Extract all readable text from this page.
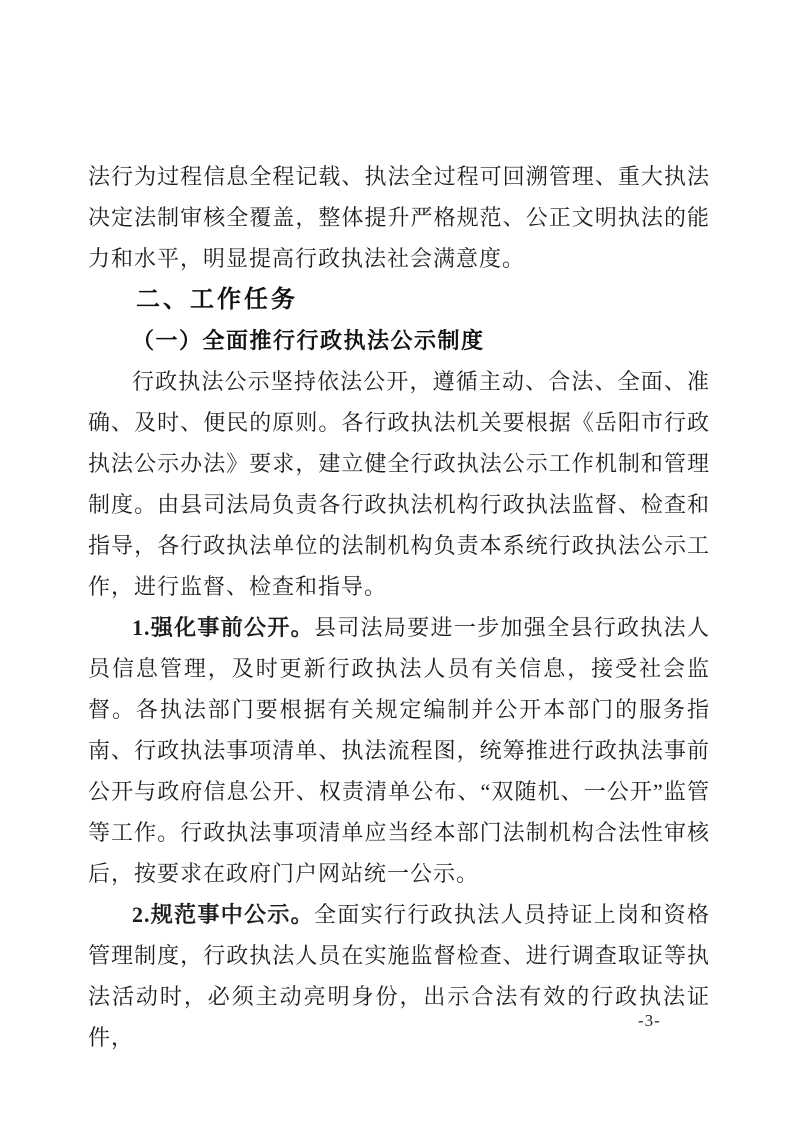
法行为过程信息全程记载、执法全过程可回溯管理、重大执法决定法制审核全覆盖，整体提升严格规范、公正文明执法的能力和水平，明显提高行政执法社会满意度。

二、工作任务
（一）全面推行行政执法公示制度

行政执法公示坚持依法公开，遵循主动、合法、全面、准确、及时、便民的原则。各行政执法机关要根据《岳阳市行政执法公示办法》要求，建立健全行政执法公示工作机制和管理制度。由县司法局负责各行政执法机构行政执法监督、检查和指导，各行政执法单位的法制机构负责本系统行政执法公示工作，进行监督、检查和指导。

1.强化事前公开。县司法局要进一步加强全县行政执法人员信息管理，及时更新行政执法人员有关信息，接受社会监督。各执法部门要根据有关规定编制并公开本部门的服务指南、行政执法事项清单、执法流程图，统筹推进行政执法事前公开与政府信息公开、权责清单公布、“双随机、一公开”监管等工作。行政执法事项清单应当经本部门法制机构合法性审核后，按要求在政府门户网站统一公示。

2.规范事中公示。全面实行行政执法人员持证上岗和资格管理制度，行政执法人员在实施监督检查、进行调查取证等执法活动时，必须主动亮明身份，出示合法有效的行政执法证件，

-3-
